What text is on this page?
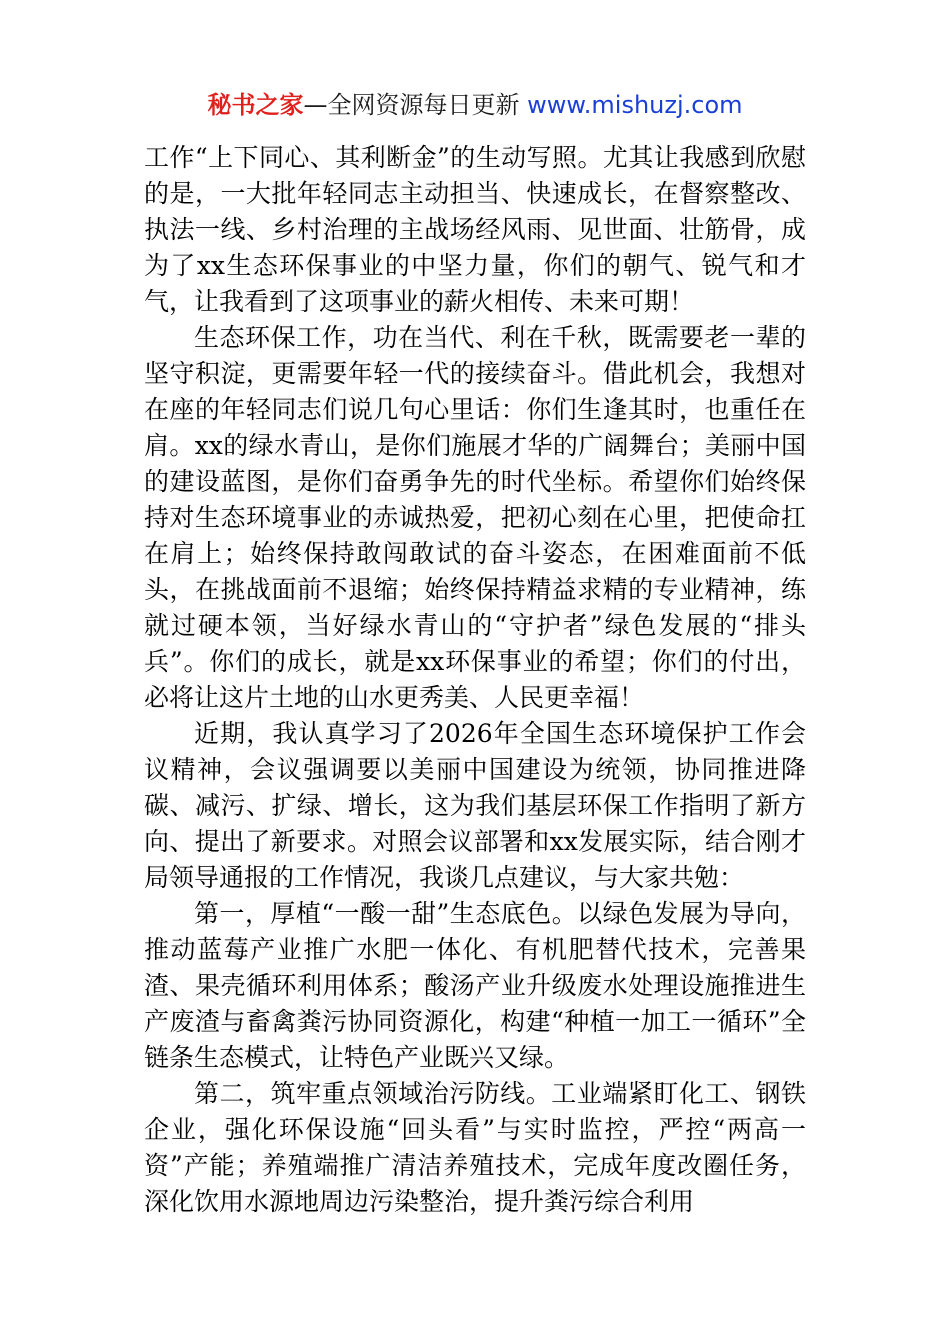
秘书之家—全网资源每日更新 www.mishuzj.com

工作“上下同心、其利断金”的生动写照。尤其让我感到欣慰的是，一大批年轻同志主动担当、快速成长，在督察整改、执法一线、乡村治理的主战场经风雨、见世面、壮筋骨，成为了xx生态环保事业的中坚力量，你们的朝气、锐气和才气，让我看到了这项事业的薪火相传、未来可期！

生态环保工作，功在当代、利在千秋，既需要老一辈的坚守积淀，更需要年轻一代的接续奋斗。借此机会，我想对在座的年轻同志们说几句心里话：你们生逢其时，也重任在肩。xx的绿水青山，是你们施展才华的广阔舞台；美丽中国的建设蓝图，是你们奋勇争先的时代坐标。希望你们始终保持对生态环境事业的赤诚热爱，把初心刻在心里，把使命扛在肩上；始终保持敢闯敢试的奋斗姿态，在困难面前不低头，在挑战面前不退缩；始终保持精益求精的专业精神，练就过硬本领，当好绿水青山的“守护者”绿色发展的“排头兵”。你们的成长，就是xx环保事业的希望；你们的付出，必将让这片土地的山水更秀美、人民更幸福！

近期，我认真学习了2026年全国生态环境保护工作会议精神，会议强调要以美丽中国建设为统领，协同推进降碳、减污、扩绿、增长，这为我们基层环保工作指明了新方向、提出了新要求。对照会议部署和xx发展实际，结合刚才局领导通报的工作情况，我谈几点建议，与大家共勉：

第一，厚植“一酸一甜”生态底色。以绿色发展为导向，推动蓝莓产业推广水肥一体化、有机肥替代技术，完善果渣、果壳循环利用体系；酸汤产业升级废水处理设施推进生产废渣与畜禽粪污协同资源化，构建“种植一加工一循环”全链条生态模式，让特色产业既兴又绿。

第二，筑牢重点领域治污防线。工业端紧盯化工、钢铁企业，强化环保设施“回头看”与实时监控，严控“两高一资”产能；养殖端推广清洁养殖技术，完成年度改圈任务，深化饮用水源地周边污染整治，提升粪污综合利用
